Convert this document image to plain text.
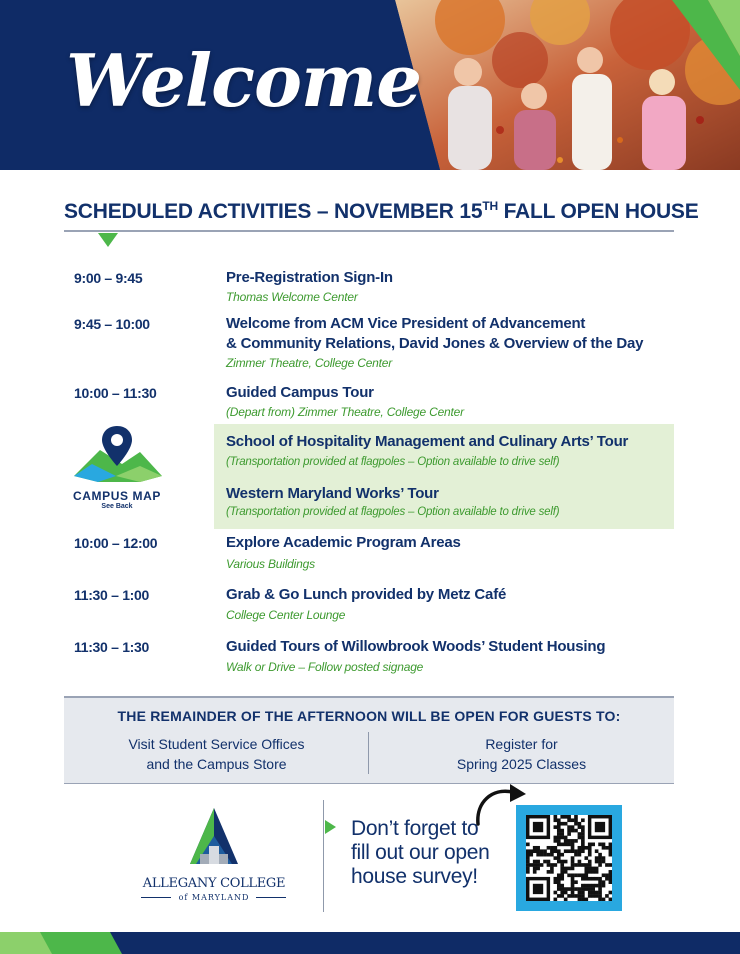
Welcome
SCHEDULED ACTIVITIES – NOVEMBER 15TH FALL OPEN HOUSE
9:00 – 9:45	Pre-Registration Sign-In
Thomas Welcome Center
9:45 – 10:00	Welcome from ACM Vice President of Advancement
& Community Relations, David Jones & Overview of the Day
Zimmer Theatre, College Center
10:00 – 11:30	Guided Campus Tour
(Depart from) Zimmer Theatre, College Center
School of Hospitality Management and Culinary Arts’ Tour
(Transportation provided at flagpoles – Option available to drive self)
Western Maryland Works’ Tour
(Transportation provided at flagpoles – Option available to drive self)
10:00 – 12:00	Explore Academic Program Areas
Various Buildings
11:30 – 1:00	Grab & Go Lunch provided by Metz Café
College Center Lounge
11:30 – 1:30	Guided Tours of Willowbrook Woods’ Student Housing
Walk or Drive – Follow posted signage
CAMPUS MAP
See Back
THE REMAINDER OF THE AFTERNOON WILL BE OPEN FOR GUESTS TO:
Visit Student Service Offices
and the Campus Store
Register for
Spring 2025 Classes
ALLEGANY COLLEGE
of MARYLAND
Don’t forget to
fill out our open
house survey!
